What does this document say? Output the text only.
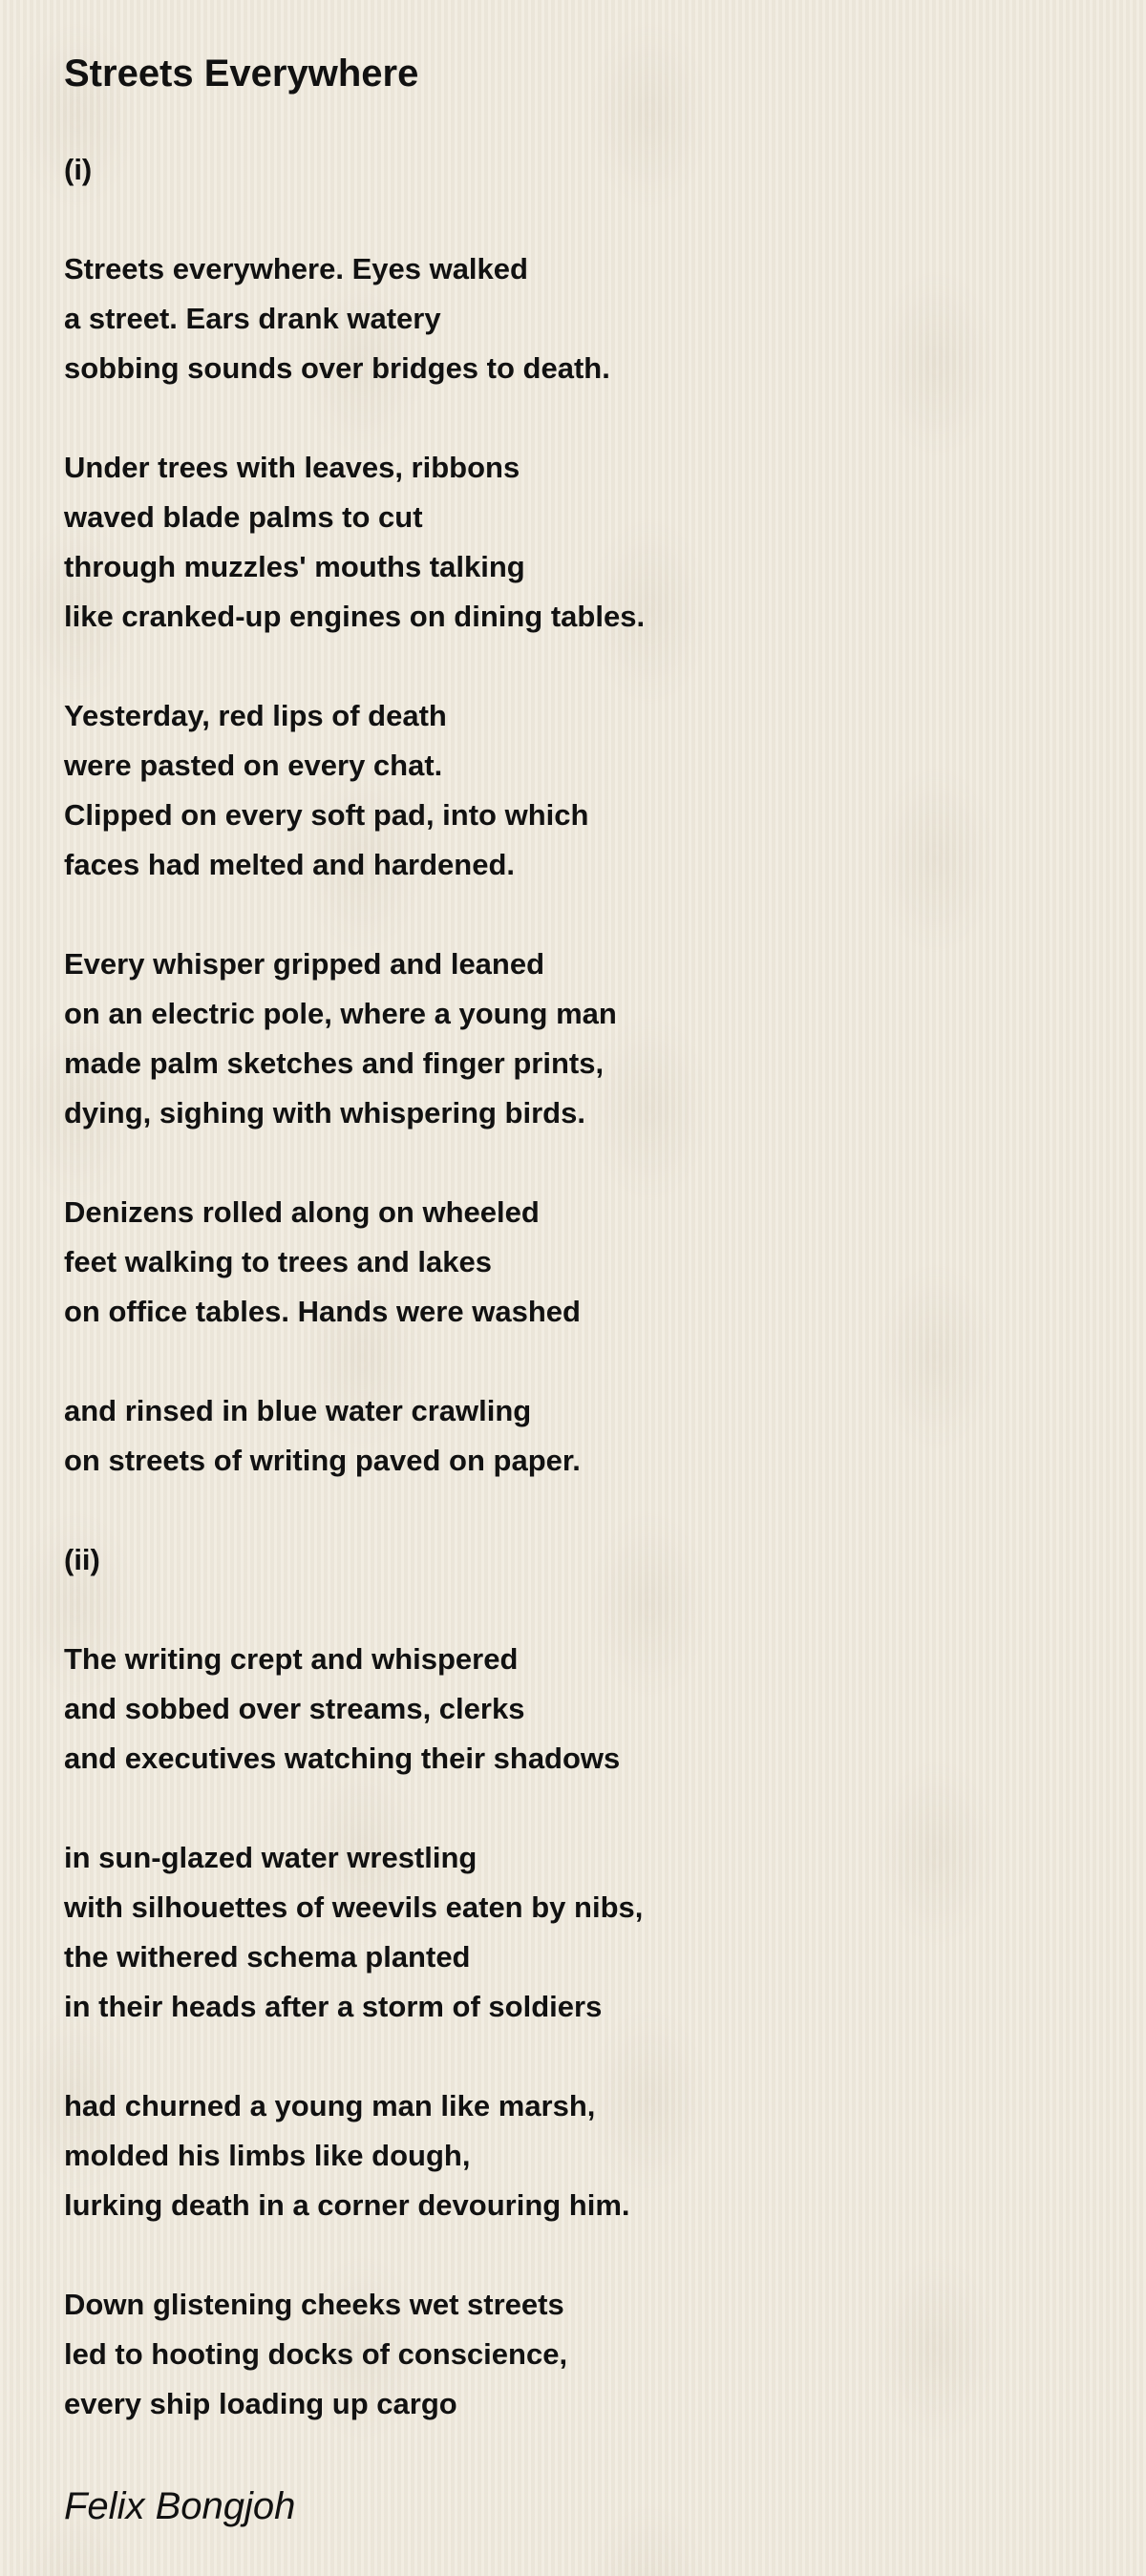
Streets Everywhere
(i)
Streets everywhere. Eyes walked
a street. Ears drank watery
sobbing sounds over bridges to death.
Under trees with leaves, ribbons
waved blade palms to cut
through muzzles' mouths talking
like cranked-up engines on dining tables.
Yesterday, red lips of death
were pasted on every chat.
Clipped on every soft pad, into which
faces had melted and hardened.
Every whisper gripped and leaned
on an electric pole, where a young man
made palm sketches and finger prints,
dying, sighing with whispering birds.
Denizens rolled along on wheeled
feet walking to trees and lakes
on office tables. Hands were washed
and rinsed in blue water crawling
on streets of writing paved on paper.
(ii)
The writing crept and whispered
and sobbed over streams, clerks
and executives watching their shadows
in sun-glazed water wrestling
with silhouettes of weevils eaten by nibs,
the withered schema planted
in their heads after a storm of soldiers
had churned a young man like marsh,
molded his limbs like dough,
lurking death in a corner devouring him.
Down glistening cheeks wet streets
led to hooting docks of conscience,
every ship loading up cargo
Felix Bongjoh
